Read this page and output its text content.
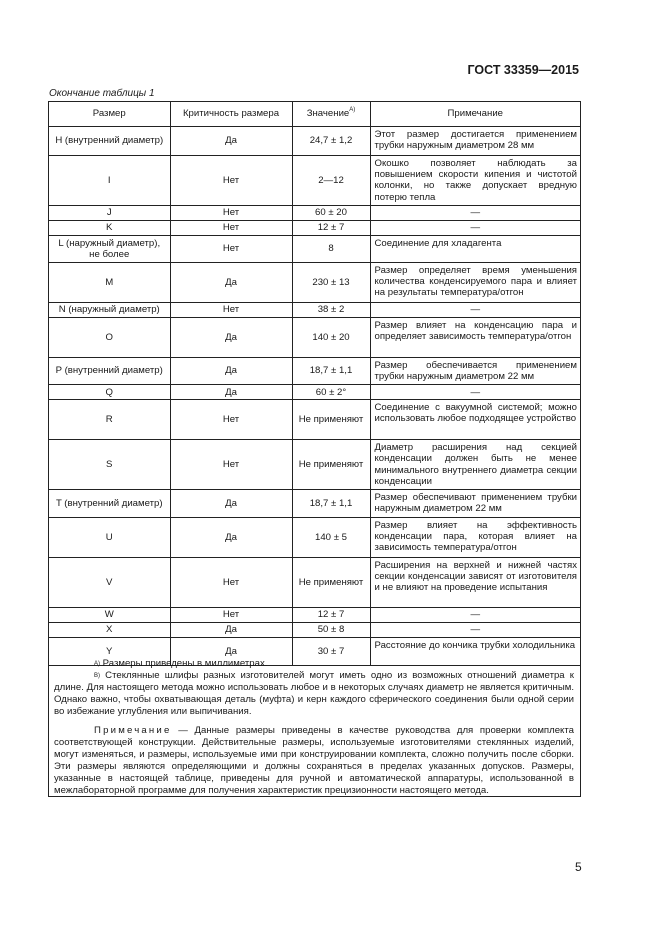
ГОСТ 33359—2015
Окончание таблицы 1
Размер	Критичность размера	Значение$^{A)}$	Примечание
H (внутренний диаметр)	Да	24,7 ± 1,2	Этот размер достигается применением трубки наружным диаметром 28 мм
I	Нет	2—12	Окошко позволяет наблюдать за повышением скорости кипения и чистотой колонки, но также допускает вредную потерю тепла
J	Нет	60 ± 20	—
K	Нет	12 ± 7	—

L (наружный диаметр),
не более	Нет	8	Соединение для хладагента
M	Да	230 ± 13	Размер определяет время уменьшения количества конденсируемого пара и влияет на результаты температура/отгон
N (наружный диаметр)	Нет	38 ± 2	—
O	Да	140 ± 20	Размер влияет на конденсацию пара и определяет зависимость температура/отгон
P (внутренний диаметр)	Да	18,7 ± 1,1	Размер обеспечивается применением трубки наружным диаметром 22 мм
Q	Да	60 ± 2°	—
R	Нет	Не применяют	Соединение с вакуумной системой; можно использовать любое подходящее устройство
S	Нет	Не применяют	Диаметр расширения над секцией конденсации должен быть не менее минимального внутреннего диаметра секции конденсации
T (внутренний диаметр)	Да	18,7 ± 1,1	Размер обеспечивают применением трубки наружным диаметром 22 мм
U	Да	140 ± 5	Размер влияет на эффективность конденсации пара, которая влияет на зависимость температура/отгон
V	Нет	Не применяют	Расширения на верхней и нижней частях секции конденсации зависят от изготовителя и не влияют на проведение испытания
W	Нет	12 ± 7	—
X	Да	50 ± 8	—
Y	Да	30 ± 7	Расстояние до кончика трубки холодильника

$^{A)}$ Размеры приведены в миллиметрах.

$^{B)}$ Стеклянные шлифы разных изготовителей могут иметь одно из возможных отношений диаметра к длине. Для настоящего метода можно использовать любое и в некоторых случаях диаметр не является критичным. Однако важно, чтобы охватывающая деталь (муфта) и керн каждого сферического соединения были одной серии во избежание углубления или выпичивания.

Примечание — Данные размеры приведены в качестве руководства для проверки комплекта соответствующей конструкции. Действительные размеры, используемые изготовителями стеклянных изделий, могут изменяться, и размеры, используемые ими при конструировании комплекта, сложно получить после сборки. Эти размеры являются определяющими и должны сохраняться в пределах указанных допусков. Размеры, указанные в настоящей таблице, приведены для ручной и автоматической аппаратуры, использованной в межлабораторной программе для получения характеристик прецизионности настоящего метода.

5
